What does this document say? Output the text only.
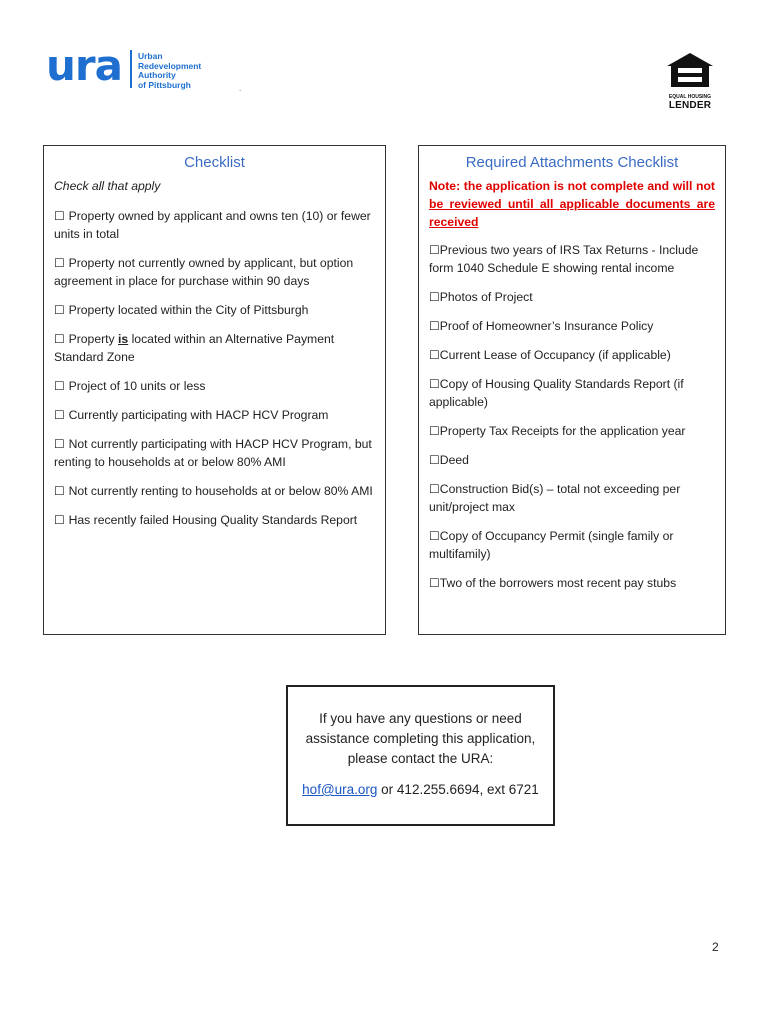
ura Urban
Redevelopment
Authority
of Pittsburgh	.
EQUAL HOUSING
LENDER
Checklist
Check all that apply
☐ Property owned by applicant and owns ten (10) or fewer units in total
☐ Property not currently owned by applicant, but option agreement in place for purchase within 90 days
☐ Property located within the City of Pittsburgh
☐ Property is located within an Alternative Payment Standard Zone
☐ Project of 10 units or less
☐ Currently participating with HACP HCV Program
☐ Not currently participating with HACP HCV Program, but renting to households at or below 80% AMI
☐ Not currently renting to households at or below 80% AMI
☐ Has recently failed Housing Quality Standards Report
Required Attachments Checklist
Note: the application is not complete and will not be reviewed until all applicable documents are received
☐Previous two years of IRS Tax Returns - Include form 1040 Schedule E showing rental income
☐Photos of Project
☐Proof of Homeowner’s Insurance Policy
☐Current Lease of Occupancy (if applicable)
☐Copy of Housing Quality Standards Report (if applicable)
☐Property Tax Receipts for the application year
☐Deed
☐Construction Bid(s) – total not exceeding per unit/project max
☐Copy of Occupancy Permit (single family or multifamily)
☐Two of the borrowers most recent pay stubs
If you have any questions or need
assistance completing this application,
please contact the URA:
hof@ura.org or 412.255.6694, ext 6721
2
